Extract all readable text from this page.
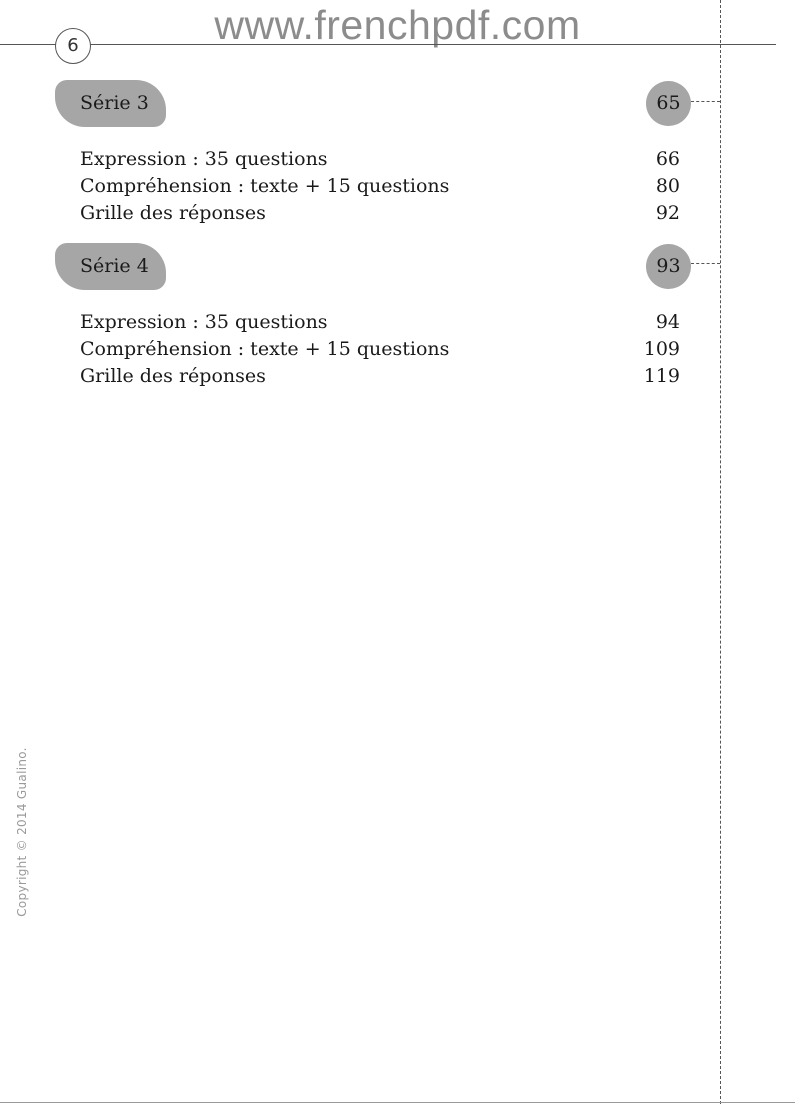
www.frenchpdf.com
6
Série 3	65
Expression : 35 questions	66
Compréhension : texte + 15 questions	80
Grille des réponses	92
Série 4	93
Expression : 35 questions	94
Compréhension : texte + 15 questions	109
Grille des réponses	119
Copyright © 2014 Gualino.
